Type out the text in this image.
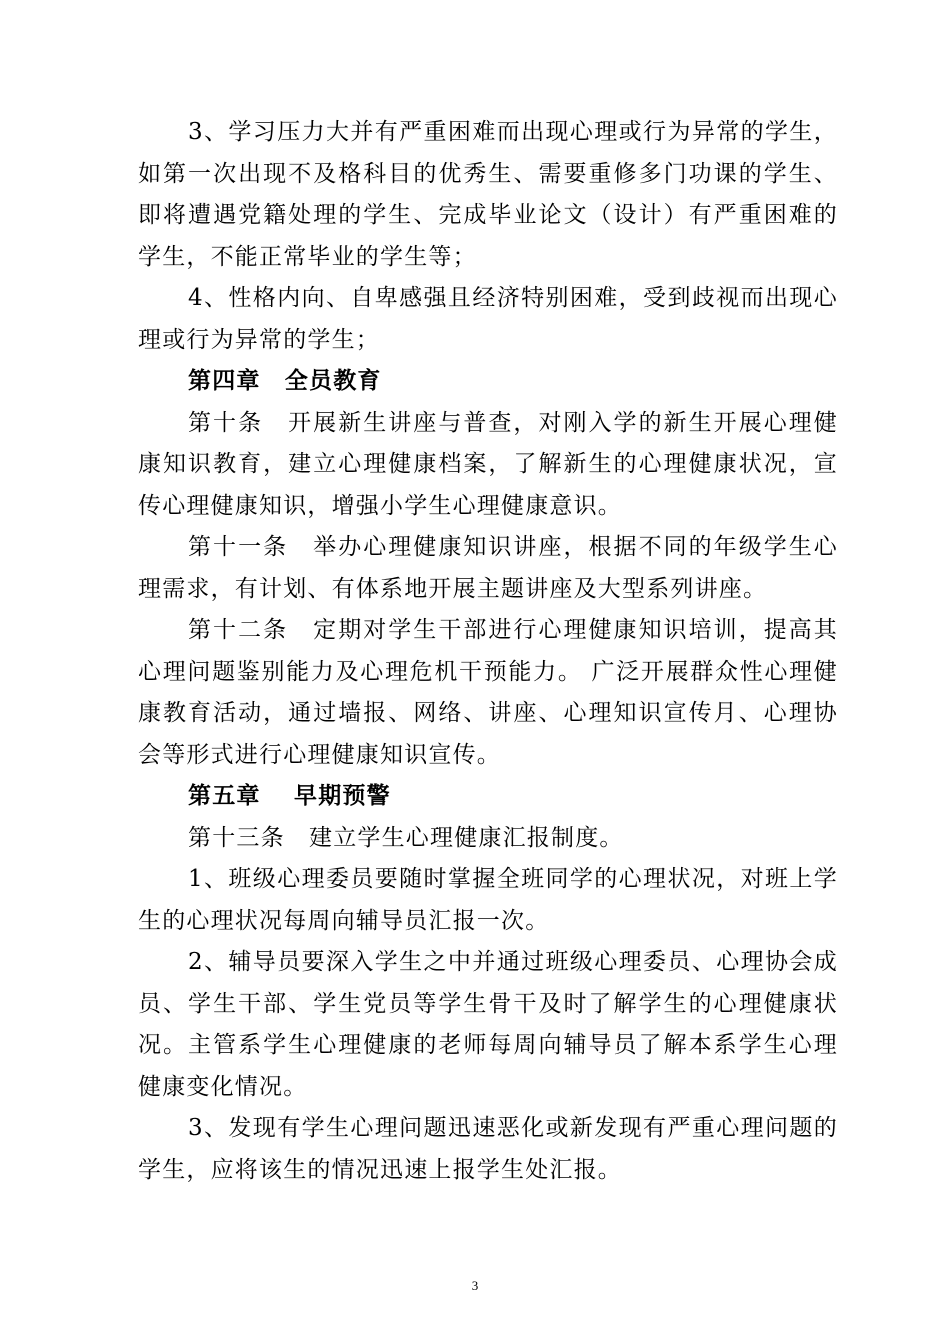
3、学习压力大并有严重困难而出现心理或行为异常的学生，如第一次出现不及格科目的优秀生、需要重修多门功课的学生、即将遭遇党籍处理的学生、完成毕业论文（设计）有严重困难的学生，不能正常毕业的学生等；

4、性格内向、自卑感强且经济特别困难，受到歧视而出现心理或行为异常的学生；

第四章　全员教育

第十条　开展新生讲座与普查，对刚入学的新生开展心理健康知识教育，建立心理健康档案，了解新生的心理健康状况，宣传心理健康知识，增强小学生心理健康意识。

第十一条　举办心理健康知识讲座，根据不同的年级学生心理需求，有计划、有体系地开展主题讲座及大型系列讲座。

第十二条　定期对学生干部进行心理健康知识培训，提高其心理问题鉴别能力及心理危机干预能力。 广泛开展群众性心理健康教育活动，通过墙报、网络、讲座、心理知识宣传月、心理协会等形式进行心理健康知识宣传。

第五章　 早期预警

第十三条　建立学生心理健康汇报制度。

1、班级心理委员要随时掌握全班同学的心理状况，对班上学生的心理状况每周向辅导员汇报一次。

2、辅导员要深入学生之中并通过班级心理委员、心理协会成员、学生干部、学生党员等学生骨干及时了解学生的心理健康状况。主管系学生心理健康的老师每周向辅导员了解本系学生心理健康变化情况。

3、发现有学生心理问题迅速恶化或新发现有严重心理问题的学生，应将该生的情况迅速上报学生处汇报。

3
